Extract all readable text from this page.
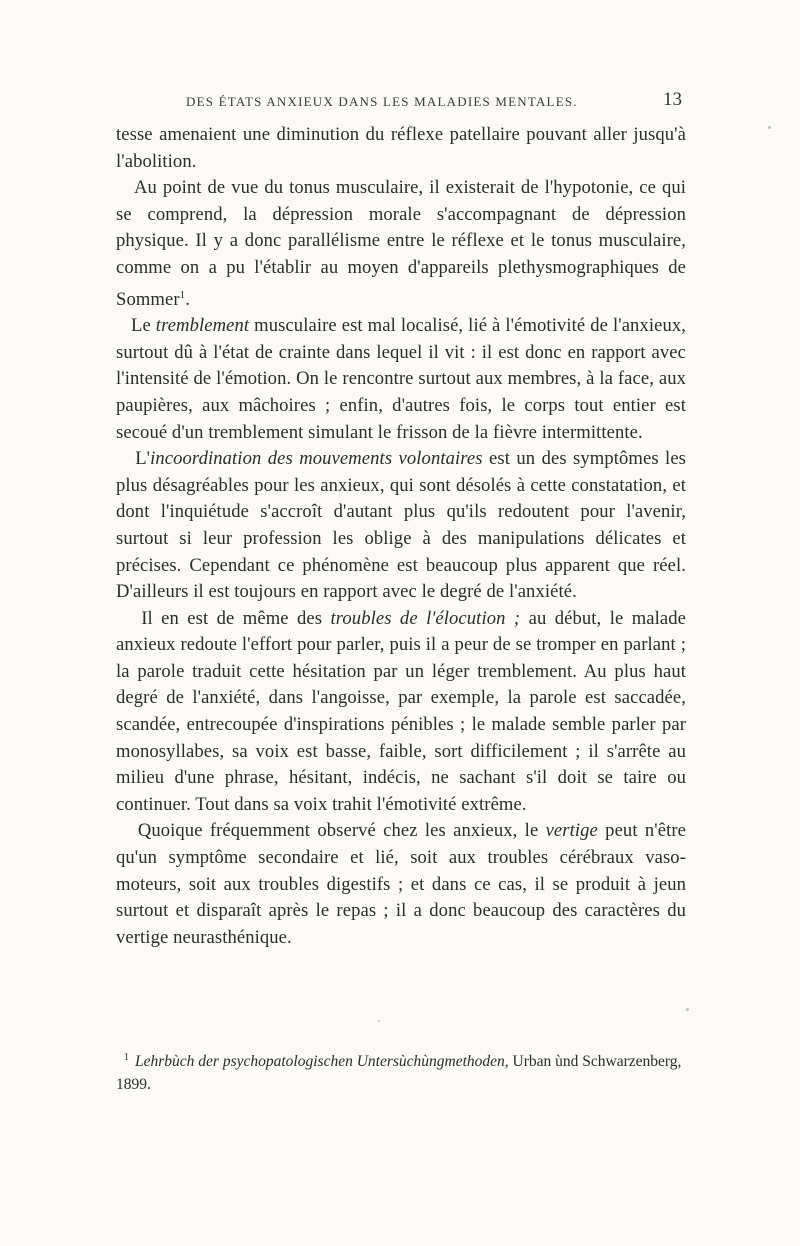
DES ÉTATS ANXIEUX DANS LES MALADIES MENTALES.	13

tesse amenaient une diminution du réflexe patellaire pouvant aller jusqu'à l'abolition.

Au point de vue du tonus musculaire, il existerait de l'hypotonie, ce qui se comprend, la dépression morale s'accompagnant de dépression physique. Il y a donc parallélisme entre le réflexe et le tonus musculaire, comme on a pu l'établir au moyen d'appareils plethysmographiques de Sommer$^1$.

Le tremblement musculaire est mal localisé, lié à l'émotivité de l'anxieux, surtout dû à l'état de crainte dans lequel il vit : il est donc en rapport avec l'intensité de l'émotion. On le rencontre surtout aux membres, à la face, aux paupières, aux mâchoires ; enfin, d'autres fois, le corps tout entier est secoué d'un tremblement simulant le frisson de la fièvre intermittente.

L'incoordination des mouvements volontaires est un des symptômes les plus désagréables pour les anxieux, qui sont désolés à cette constatation, et dont l'inquiétude s'accroît d'autant plus qu'ils redoutent pour l'avenir, surtout si leur profession les oblige à des manipulations délicates et précises. Cependant ce phénomène est beaucoup plus apparent que réel. D'ailleurs il est toujours en rapport avec le degré de l'anxiété.

Il en est de même des troubles de l'élocution ; au début, le malade anxieux redoute l'effort pour parler, puis il a peur de se tromper en parlant ; la parole traduit cette hésitation par un léger tremblement. Au plus haut degré de l'anxiété, dans l'angoisse, par exemple, la parole est saccadée, scandée, entrecoupée d'inspirations pénibles ; le malade semble parler par monosyllabes, sa voix est basse, faible, sort difficilement ; il s'arrête au milieu d'une phrase, hésitant, indécis, ne sachant s'il doit se taire ou continuer. Tout dans sa voix trahit l'émotivité extrême.

Quoique fréquemment observé chez les anxieux, le vertige peut n'être qu'un symptôme secondaire et lié, soit aux troubles cérébraux vaso-moteurs, soit aux troubles digestifs ; et dans ce cas, il se produit à jeun surtout et disparaît après le repas ; il a donc beaucoup des caractères du vertige neurasthénique.

$^1$ Lehrbùch der psychopatologischen Untersùchùngmethoden, Urban ùnd Schwarzenberg, 1899.
